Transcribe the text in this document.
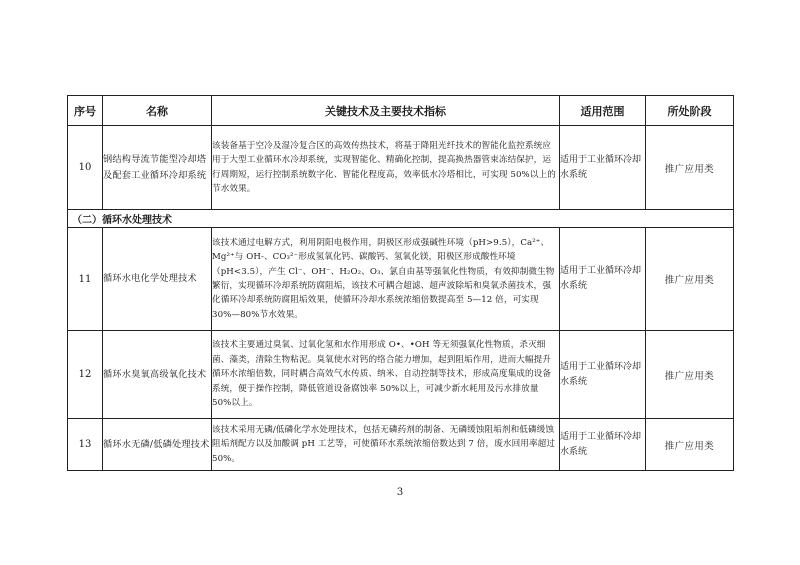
序号	名称	关键技术及主要技术指标	适用范围	所处阶段
10	钢结构导流节能型冷却塔及配套工业循环冷却系统	该装备基于空冷及湿冷复合区的高效传热技术，将基于降阻光纤技术的智能化监控系统应用于大型工业循环水冷却系统，实现智能化、精确化控制，提高换热器管束冻结保护，运行周期短，运行控制系统数字化、智能化程度高，效率低水冷塔相比，可实现 50%以上的节水效果。	适用于工业循环冷却水系统	推广应用类
（二）循环水处理技术				
11	循环水电化学处理技术	该技术通过电解方式，利用阴阳电极作用，阴极区形成强碱性环境（pH>9.5），Ca²⁺、Mg²⁺与 OH-、CO₃²⁻形成氢氧化钙、碳酸钙、氢氧化镁，阳极区形成酸性环境（pH<3.5），产生 Cl⁻、OH⁻、H₂O₂、O₃、氯自由基等强氧化性物质，有效抑制微生物繁衍，实现循环冷却系统防腐阻垢，该技术可耦合超滤、超声波除垢和臭氧杀菌技术，强化循环冷却系统防腐阻垢效果，使循环冷却水系统浓缩倍数提高至 5—12 倍，可实现 30%—80%节水效果。	适用于工业循环冷却水系统	推广应用类
12	循环水臭氧高级氧化技术	该技术主要通过臭氧、过氧化氢和水作用形成 O•、•OH 等无须强氧化性物质，杀灭细菌、藻类，清除生物粘泥。臭氧使水对钙的络合能力增加，起到阻垢作用，进而大幅提升循环水浓缩倍数，同时耦合高效气水传质、纳米、自动控制等技术，形成高度集成的设备系统，便于操作控制，降低管道设备腐蚀率 50%以上，可减少新水耗用及污水排放量 50%以上。	适用于工业循环冷却水系统	推广应用类
13	循环水无磷/低磷处理技术	该技术采用无磷/低磷化学水处理技术，包括无磷药剂的制备、无磷缓蚀阻垢剂和低磷缓蚀阻垢剂配方以及加酸调 pH 工艺等，可使循环水系统浓缩倍数达到 7 倍，废水回用率超过 50%。	适用于工业循环冷却水系统	推广应用类
3
